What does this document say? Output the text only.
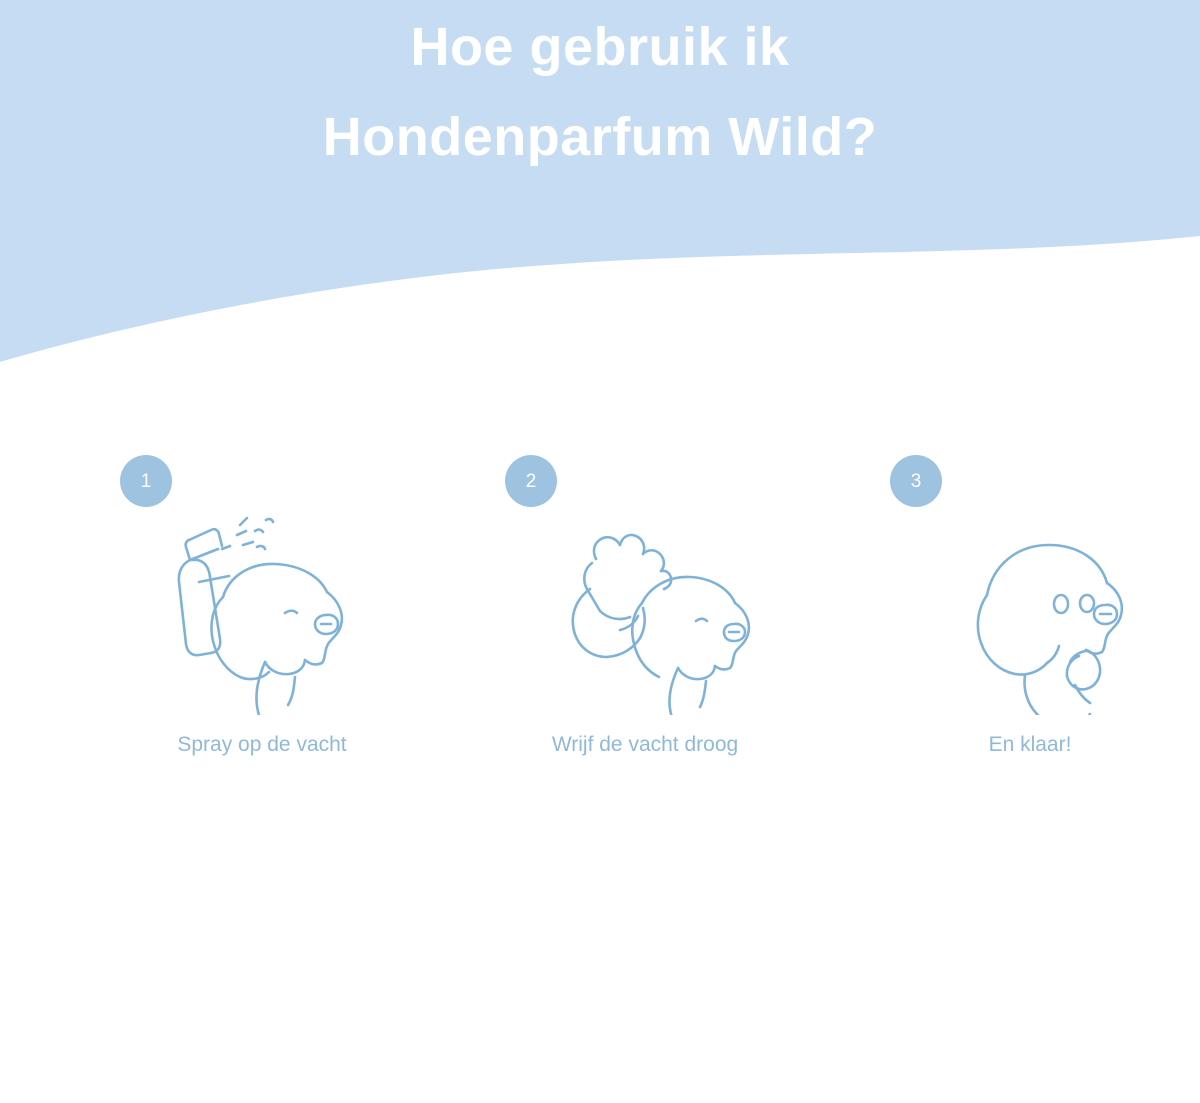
Hoe gebruik ik
Hondenparfum Wild?
1
Spray op de vacht
2
Wrijf de vacht droog
3
En klaar!
